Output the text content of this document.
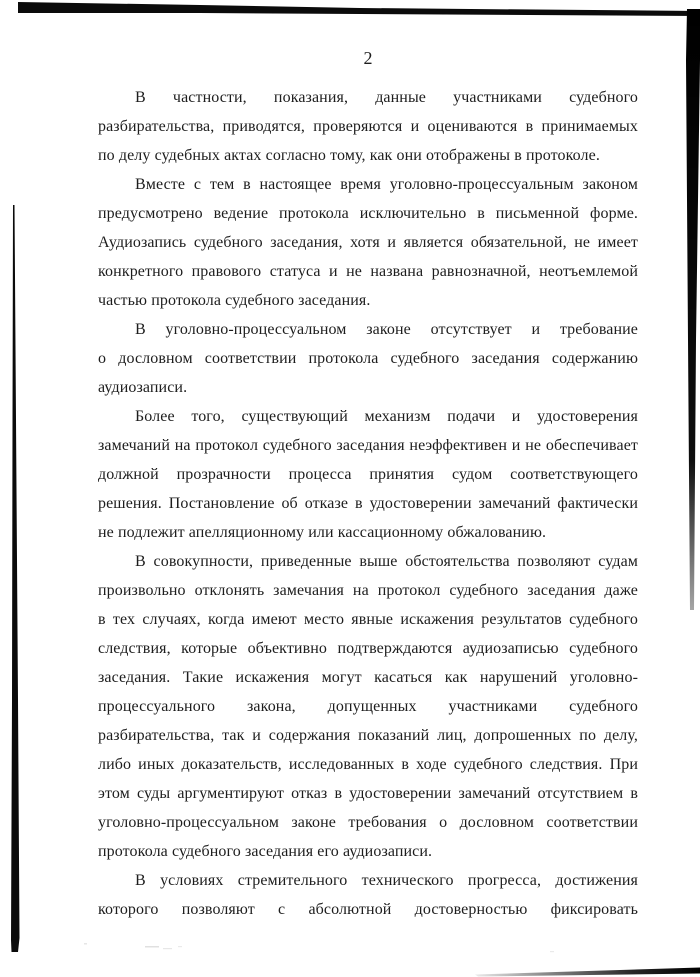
2
В частности, показания, данные участниками судебного
разбирательства, приводятся, проверяются и оцениваются в принимаемых
по делу судебных актах согласно тому, как они отображены в протоколе.
Вместе с тем в настоящее время уголовно-процессуальным законом
предусмотрено ведение протокола исключительно в письменной форме.
Аудиозапись судебного заседания, хотя и является обязательной, не имеет
конкретного правового статуса и не названа равнозначной, неотъемлемой
частью протокола судебного заседания.
В уголовно-процессуальном законе отсутствует и требование
о дословном соответствии протокола судебного заседания содержанию
аудиозаписи.
Более того, существующий механизм подачи и удостоверения
замечаний на протокол судебного заседания неэффективен и не обеспечивает
должной прозрачности процесса принятия судом соответствующего
решения. Постановление об отказе в удостоверении замечаний фактически
не подлежит апелляционному или кассационному обжалованию.
В совокупности, приведенные выше обстоятельства позволяют судам
произвольно отклонять замечания на протокол судебного заседания даже
в тех случаях, когда имеют место явные искажения результатов судебного
следствия, которые объективно подтверждаются аудиозаписью судебного
заседания. Такие искажения могут касаться как нарушений уголовно-
процессуального закона, допущенных участниками судебного
разбирательства, так и содержания показаний лиц, допрошенных по делу,
либо иных доказательств, исследованных в ходе судебного следствия. При
этом суды аргументируют отказ в удостоверении замечаний отсутствием в
уголовно-процессуальном законе требования о дословном соответствии
протокола судебного заседания его аудиозаписи.
В условиях стремительного технического прогресса, достижения
которого позволяют с абсолютной достоверностью фиксировать
